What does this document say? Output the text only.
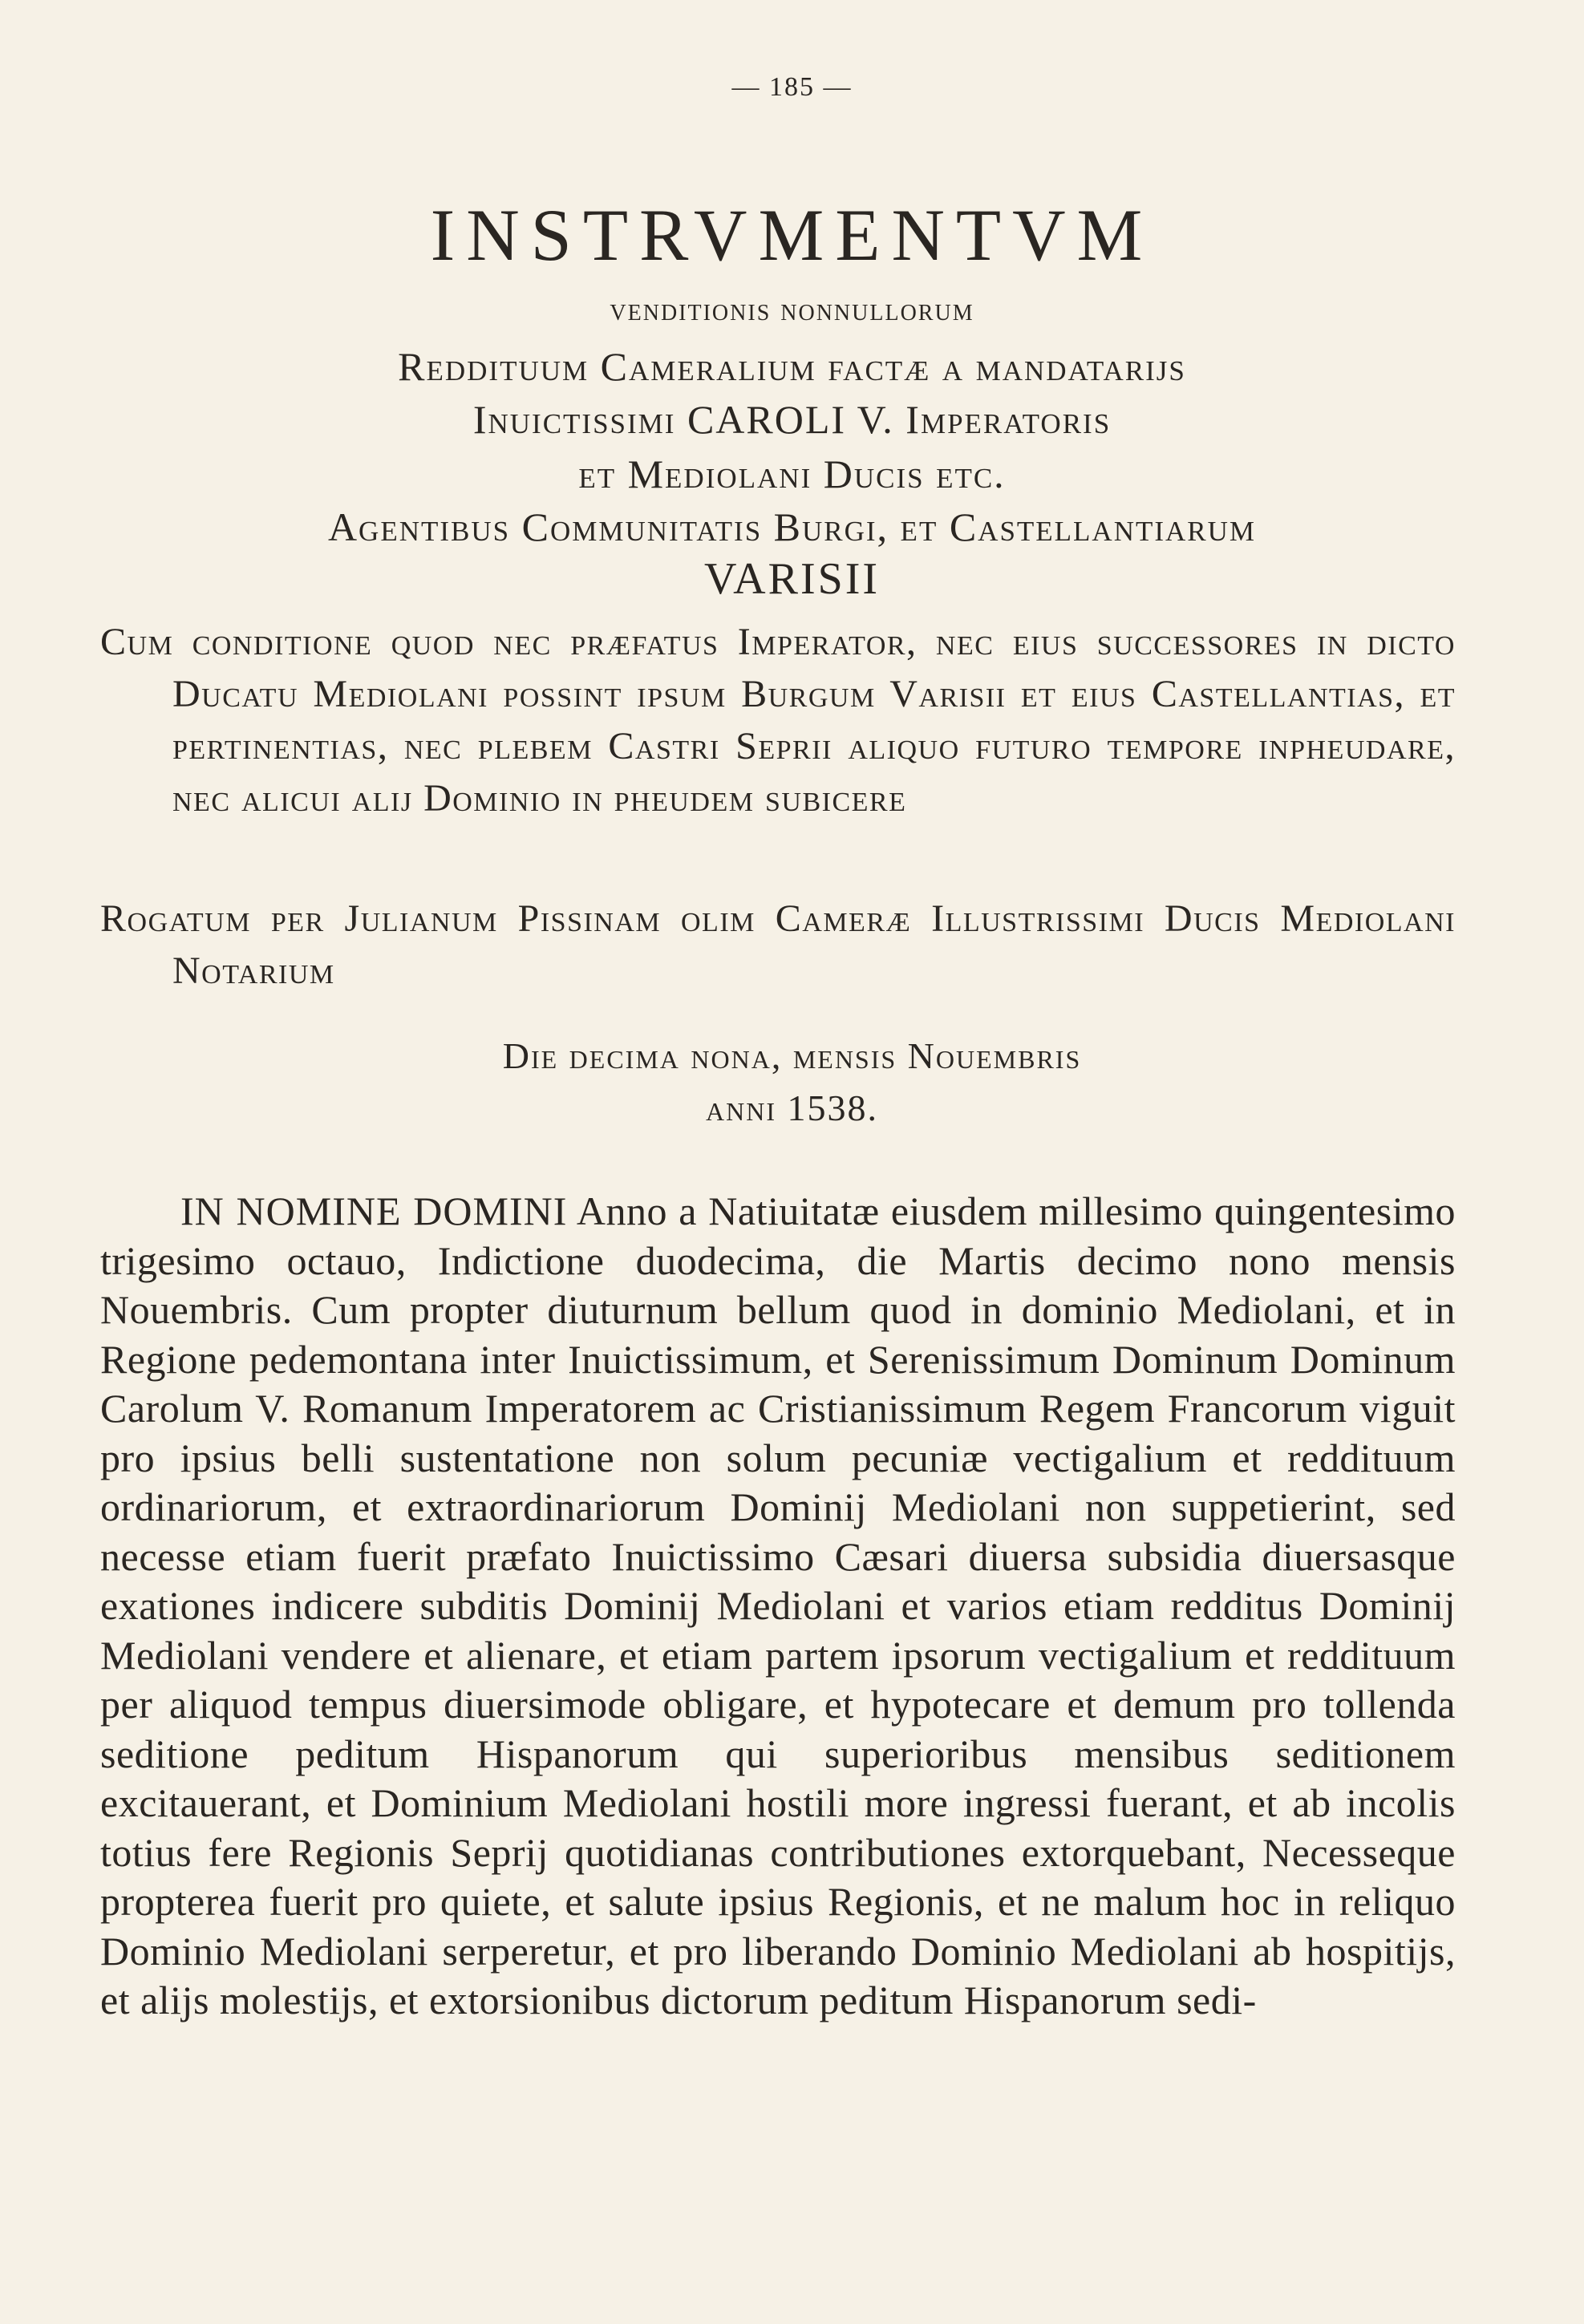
— 185 —
INSTRVMENTVM
venditionis nonnullorum
Reddituum Cameralium factæ a mandatarijs
Inuictissimi CAROLI V. Imperatoris
et Mediolani Ducis etc.
Agentibus Communitatis Burgi, et Castellantiarum
VARISII
Cum conditione quod nec præfatus Imperator, nec eius successores in dicto Ducatu Mediolani possint ipsum Burgum Varisii et eius Castellantias, et pertinentias, nec plebem Castri Seprii aliquo futuro tempore inpheudare, nec alicui alij Dominio in pheudem subicere
Rogatum per Julianum Pissinam olim Cameræ Illustrissimi Ducis Mediolani Notarium
Die decima nona, mensis Nouembris
anni 1538.
IN NOMINE DOMINI Anno a Natiuitatæ eiusdem millesimo quingentesimo trigesimo octauo, Indictione duodecima, die Martis decimo nono mensis Nouembris. Cum propter diuturnum bellum quod in dominio Mediolani, et in Regione pedemontana inter Inuictissimum, et Serenissimum Dominum Dominum Carolum V. Romanum Imperatorem ac Cristianissimum Regem Francorum viguit pro ipsius belli sustentatione non solum pecuniæ vectigalium et reddituum ordinariorum, et extraordinariorum Dominij Mediolani non suppetierint, sed necesse etiam fuerit præfato Inuictissimo Cæsari diuersa subsidia diuersasque exationes indicere subditis Dominij Mediolani et varios etiam redditus Dominij Mediolani vendere et alienare, et etiam partem ipsorum vectigalium et reddituum per aliquod tempus diuersimode obligare, et hypotecare et demum pro tollenda seditione peditum Hispanorum qui superioribus mensibus seditionem excitauerant, et Dominium Mediolani hostili more ingressi fuerant, et ab incolis totius fere Regionis Seprij quotidianas contributiones extorquebant, Necesseque propterea fuerit pro quiete, et salute ipsius Regionis, et ne malum hoc in reliquo Dominio Mediolani serperetur, et pro liberando Dominio Mediolani ab hospitijs, et alijs molestijs, et extorsionibus dictorum peditum Hispanorum sedi-
